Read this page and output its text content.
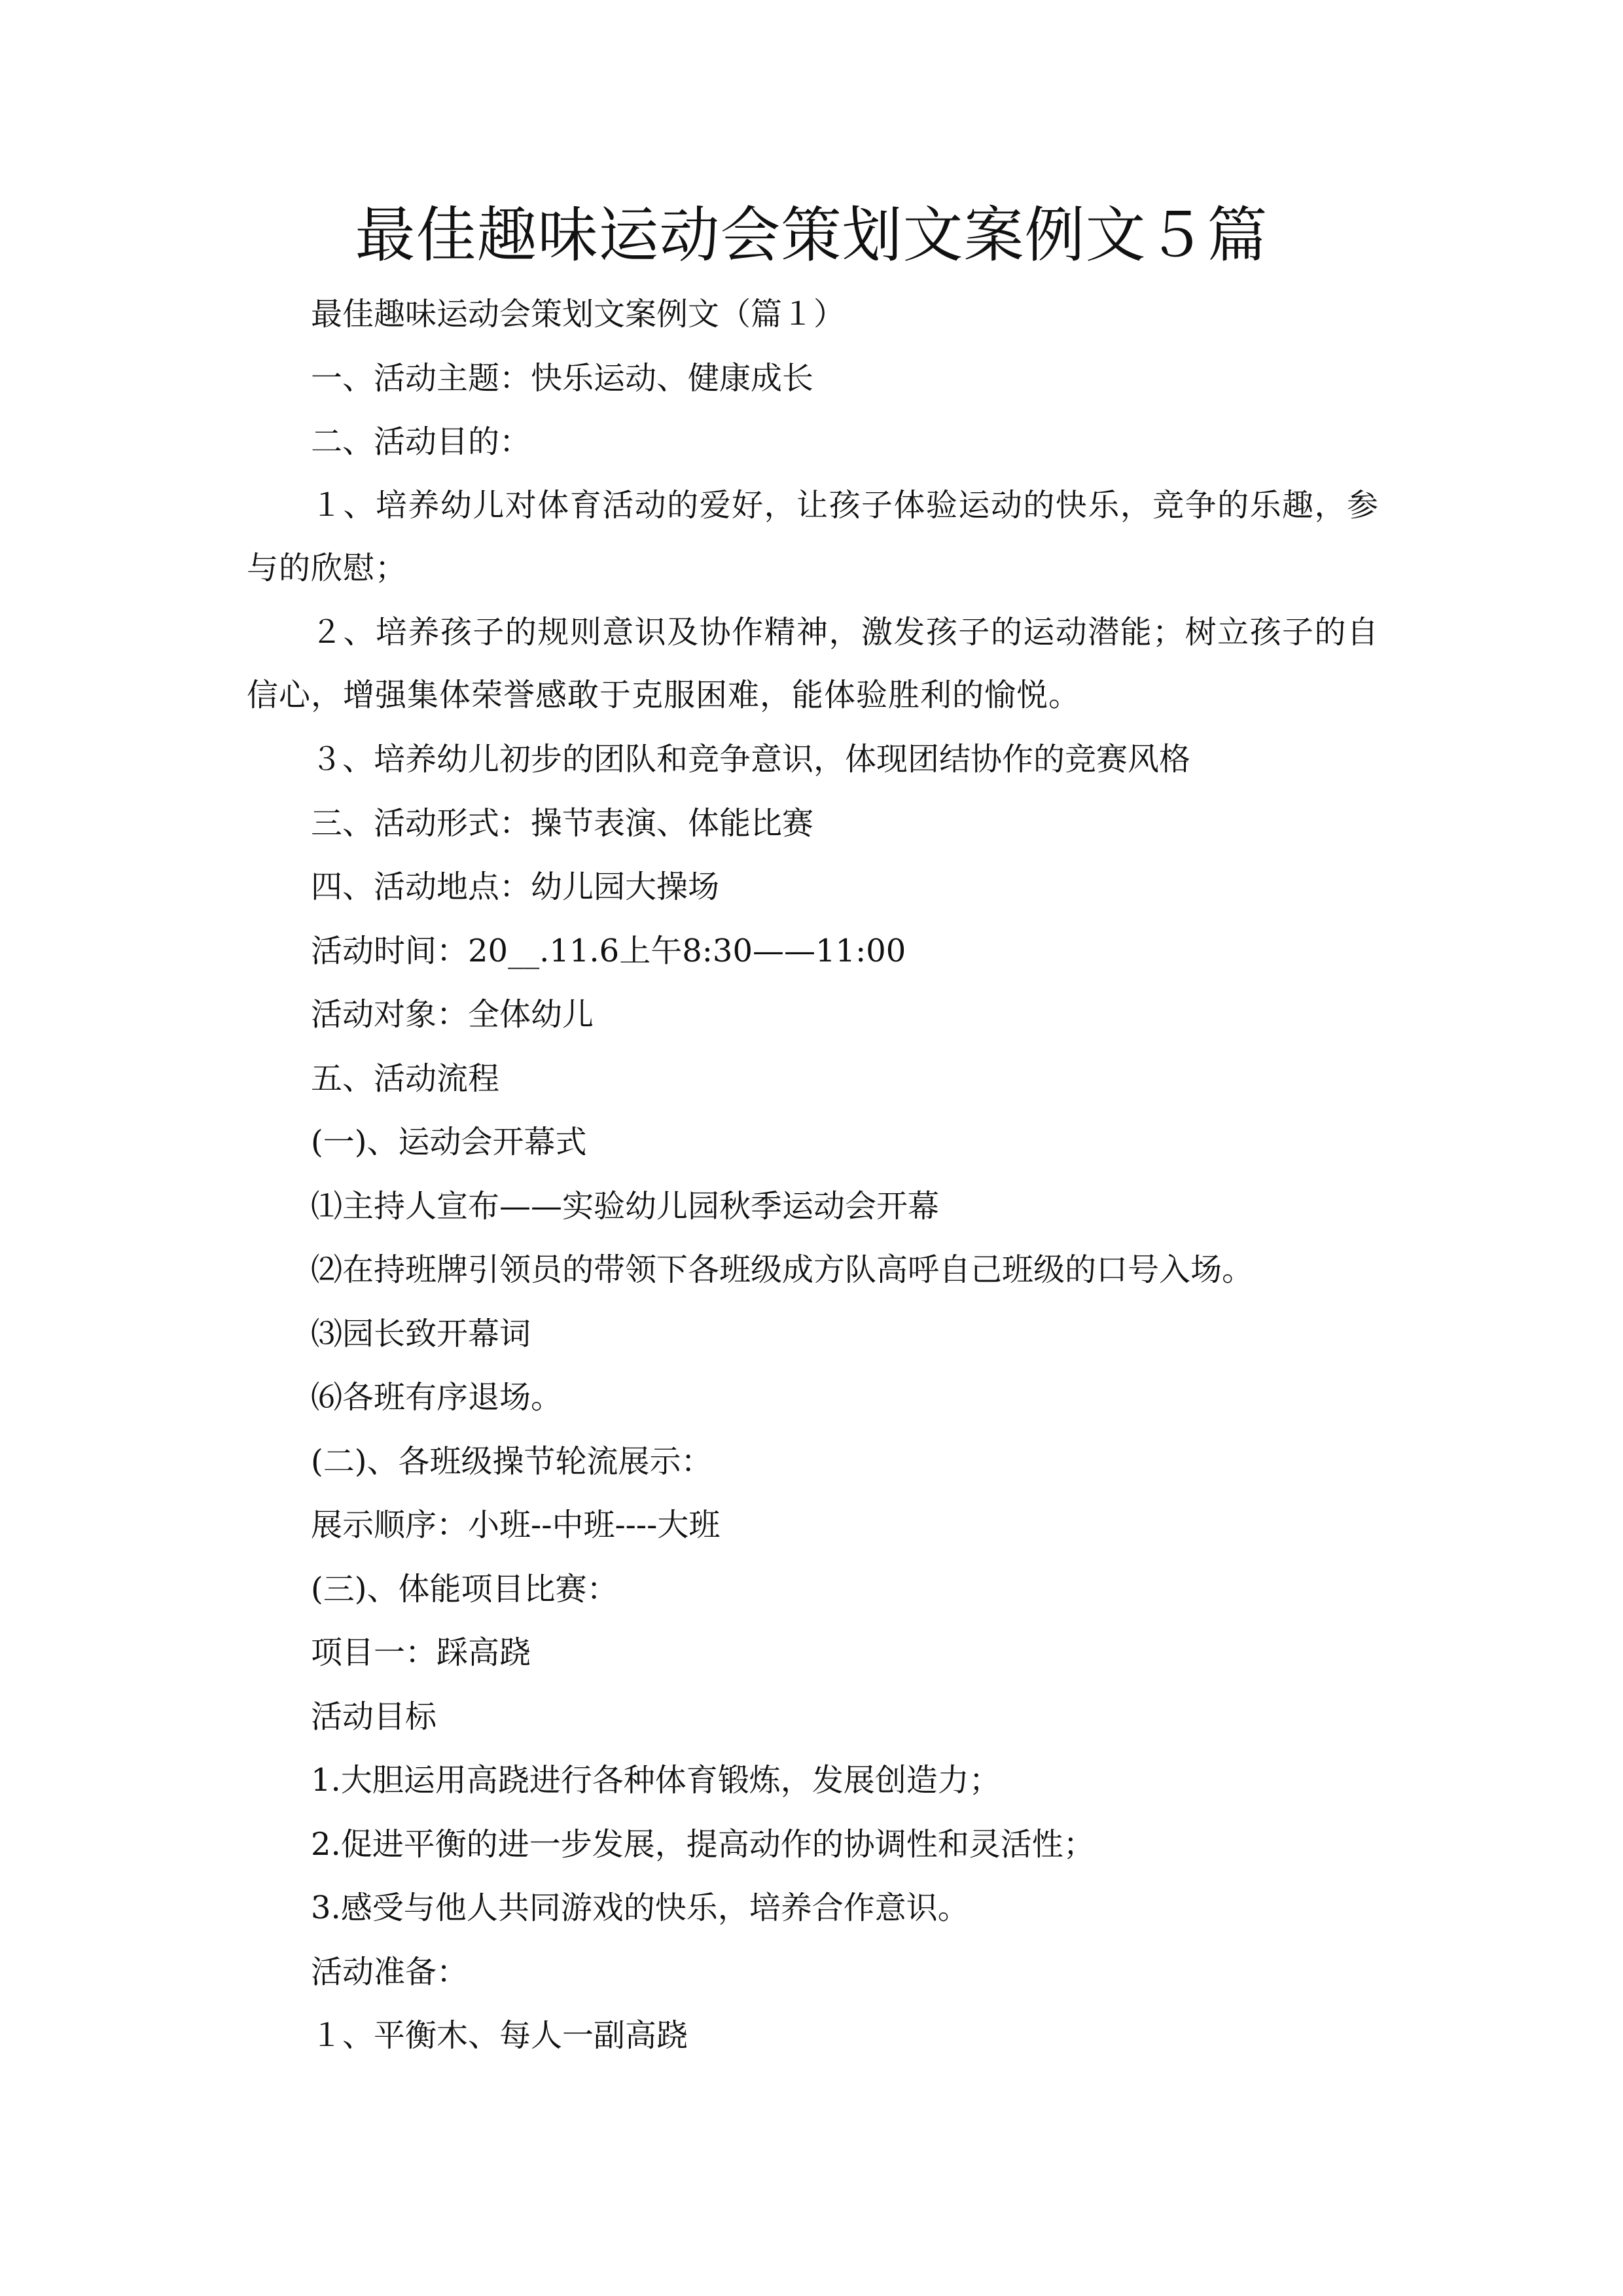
最佳趣味运动会策划文案例文５篇
最佳趣味运动会策划文案例文（篇１）
一、活动主题：快乐运动、健康成长
二、活动目的：
１、培养幼儿对体育活动的爱好，让孩子体验运动的快乐，竞争的乐趣，参与的欣慰；
２、培养孩子的规则意识及协作精神，激发孩子的运动潜能；树立孩子的自信心，增强集体荣誉感敢于克服困难，能体验胜利的愉悦。
３、培养幼儿初步的团队和竞争意识，体现团结协作的竞赛风格
三、活动形式：操节表演、体能比赛
四、活动地点：幼儿园大操场
活动时间：20__.11.6上午8:30——11:00
活动对象：全体幼儿
五、活动流程
(一)、运动会开幕式
⑴主持人宣布——实验幼儿园秋季运动会开幕
⑵在持班牌引领员的带领下各班级成方队高呼自己班级的口号入场。
⑶园长致开幕词
⑹各班有序退场。
(二)、各班级操节轮流展示：
展示顺序：小班--中班----大班
(三)、体能项目比赛：
项目一：踩高跷
活动目标
1.大胆运用高跷进行各种体育锻炼，发展创造力；
2.促进平衡的进一步发展，提高动作的协调性和灵活性；
3.感受与他人共同游戏的快乐，培养合作意识。
活动准备：
１、平衡木、每人一副高跷
